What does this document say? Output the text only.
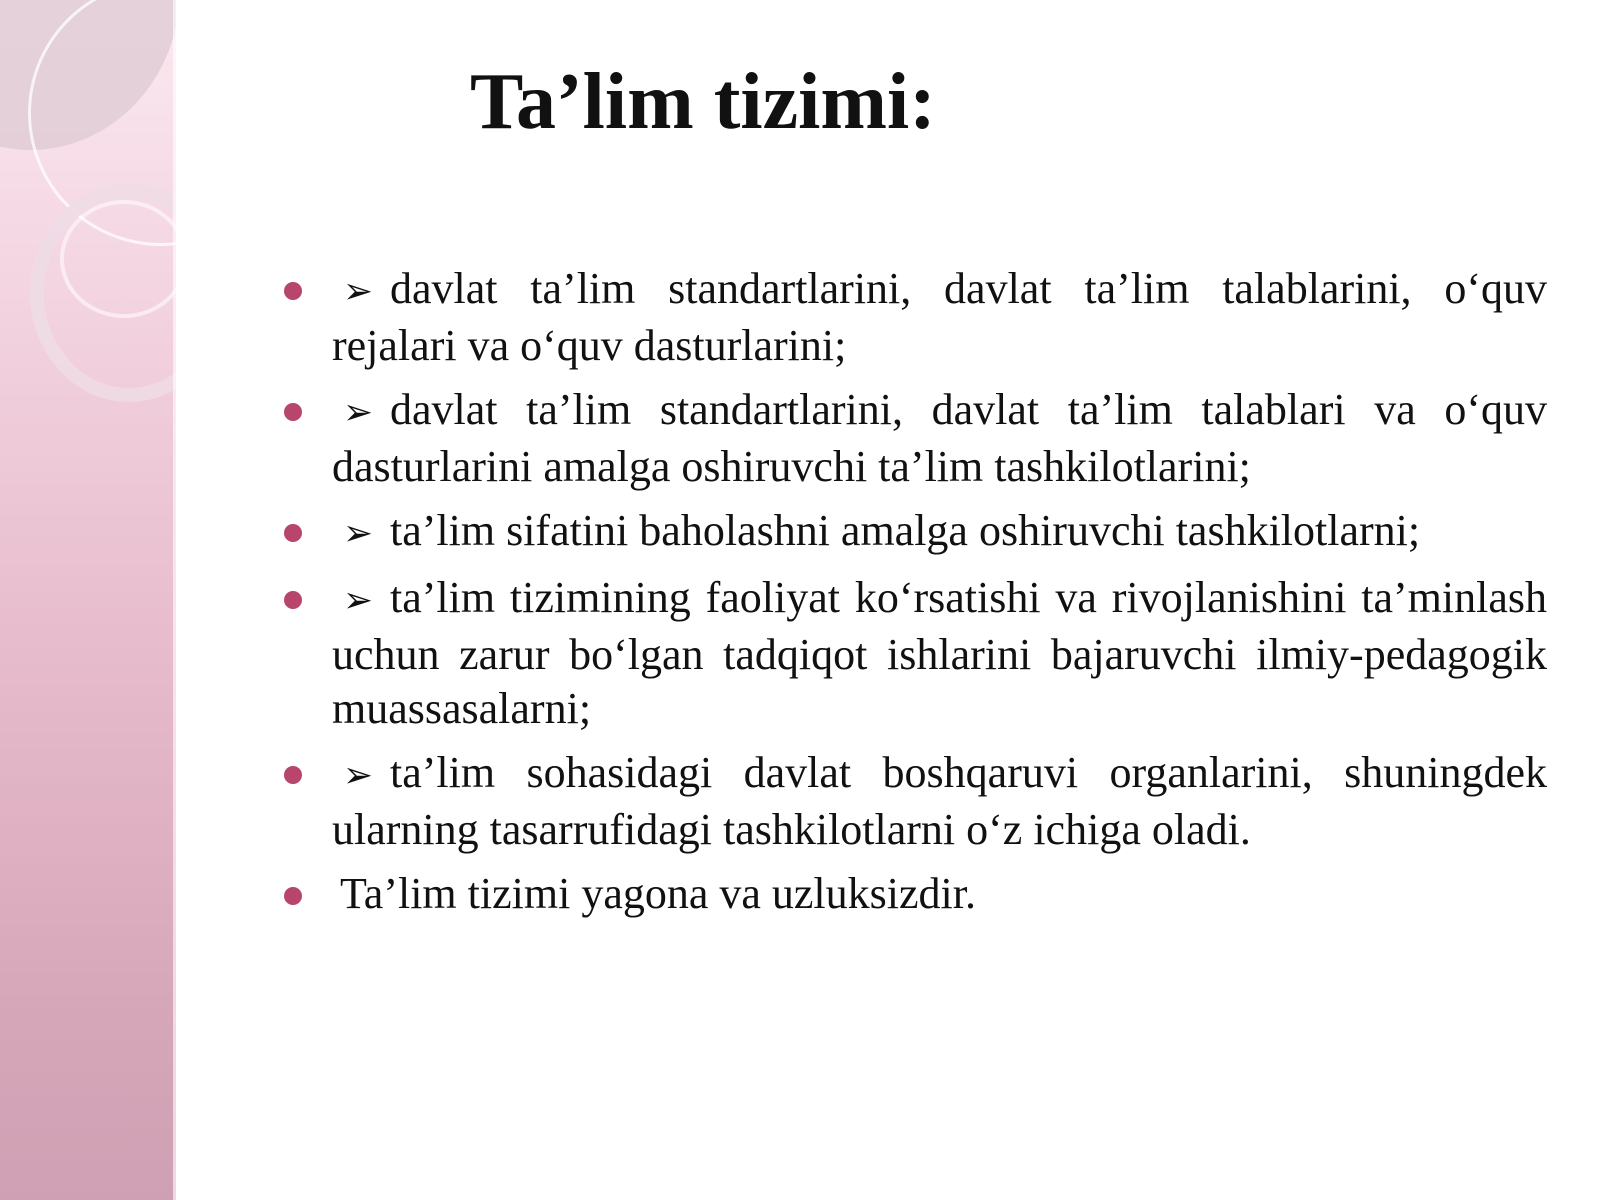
Ta’lim tizimi:
➢ davlat ta’lim standartlarini, davlat ta’lim talablarini, o‘quv rejalari va o‘quv dasturlarini;
➢ davlat ta’lim standartlarini, davlat ta’lim talablari va o‘quv dasturlarini amalga oshiruvchi ta’lim tashkilotlarini;
➢ ta’lim sifatini baholashni amalga oshiruvchi tashkilotlarni;
➢ ta’lim tizimining faoliyat ko‘rsatishi va rivojlanishini ta’minlash uchun zarur bo‘lgan tadqiqot ishlarini bajaruvchi ilmiy-pedagogik muassasalarni;
➢ ta’lim sohasidagi davlat boshqaruvi organlarini, shuningdek ularning tasarrufidagi tashkilotlarni o‘z ichiga oladi.
Ta’lim tizimi yagona va uzluksizdir.
